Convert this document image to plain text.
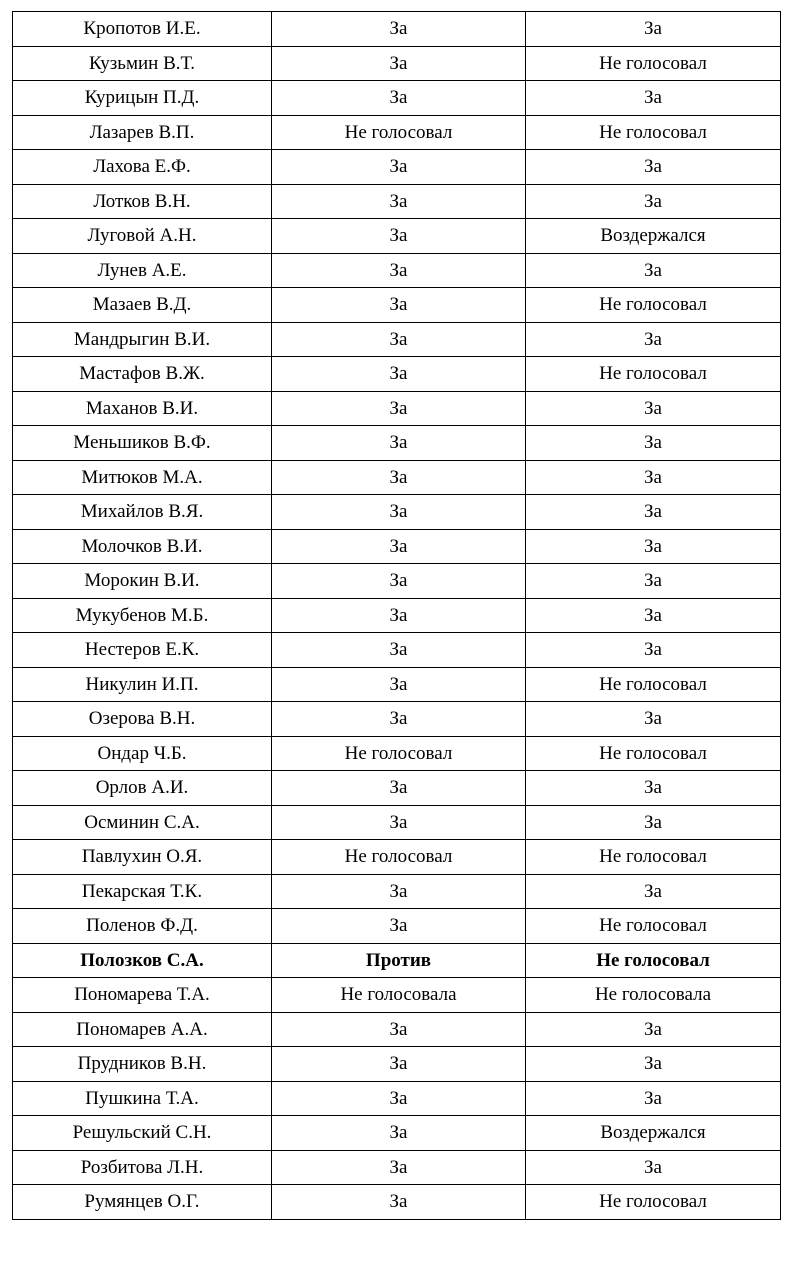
Кропотов И.Е.	За	За
Кузьмин В.Т.	За	Не голосовал
Курицын П.Д.	За	За
Лазарев В.П.	Не голосовал	Не голосовал
Лахова Е.Ф.	За	За
Лотков В.Н.	За	За
Луговой А.Н.	За	Воздержался
Лунев А.Е.	За	За
Мазаев В.Д.	За	Не голосовал
Мандрыгин В.И.	За	За
Мастафов В.Ж.	За	Не голосовал
Маханов В.И.	За	За
Меньшиков В.Ф.	За	За
Митюков М.А.	За	За
Михайлов В.Я.	За	За
Молочков В.И.	За	За
Морокин В.И.	За	За
Мукубенов М.Б.	За	За
Нестеров Е.К.	За	За
Никулин И.П.	За	Не голосовал
Озерова В.Н.	За	За
Ондар Ч.Б.	Не голосовал	Не голосовал
Орлов А.И.	За	За
Осминин С.А.	За	За
Павлухин О.Я.	Не голосовал	Не голосовал
Пекарская Т.К.	За	За
Поленов Ф.Д.	За	Не голосовал
Полозков С.А.	Против	Не голосовал
Пономарева Т.А.	Не голосовала	Не голосовала
Пономарев А.А.	За	За
Прудников В.Н.	За	За
Пушкина Т.А.	За	За
Решульский С.Н.	За	Воздержался
Розбитова Л.Н.	За	За
Румянцев О.Г.	За	Не голосовал
